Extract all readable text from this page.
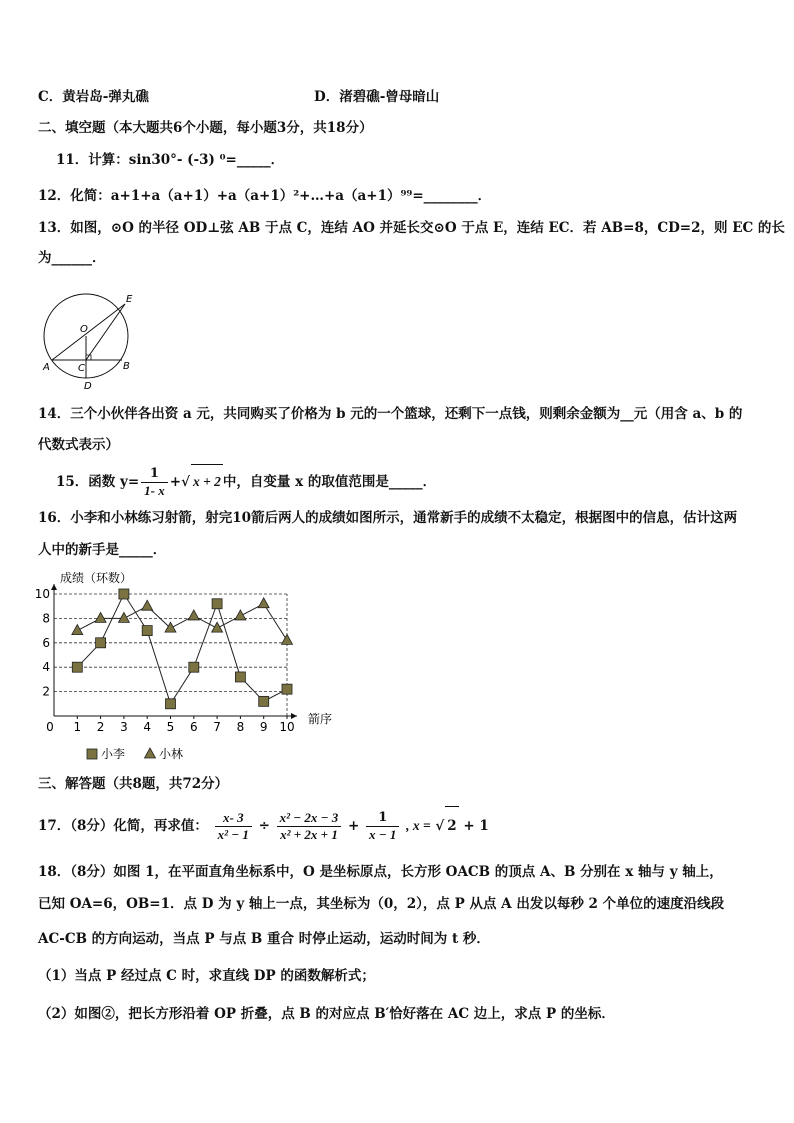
C．黄岩岛-弹丸礁	D．渚碧礁-曾母暗山
二、填空题（本大题共6个小题，每小题3分，共18分）
11．计算：sin30°- (-3) ⁰=_____．
12．化简：a+1+a（a+1）+a（a+1）²+…+a（a+1）⁹⁹=________．
13．如图，⊙O 的半径 OD⊥弦 AB 于点 C，连结 AO 并延长交⊙O 于点 E，连结 EC．若 AB=8，CD=2，则 EC 的长
为______．
E
O
A	C	B
D
14．三个小伙伴各出资 a 元，共同购买了价格为 b 元的一个篮球，还剩下一点钱，则剩余金额为__元（用含 a、b 的
代数式表示）
15．函数 $y= \frac{1}{1- x}$ +√ x + 2 中，自变量 x 的取值范围是_____．
16．小李和小林练习射箭，射完10箭后两人的成绩如图所示，通常新手的成绩不太稳定，根据图中的信息，估计这两
人中的新手是_____．
0 1 2 3 4 5 6 7 8 9 10
2
4
6
8
10
成绩（环数）
箭序
小李	小林
三、解答题（共8题，共72分）
17．（8分）化简，再求值： $\frac{x- 3}{\text{x² − 1}} \div \frac{\text{x² − 2x − 3}}{\text{x² + 2x + 1}} + \frac{1}{x - 1}$ , x = √ 2 + 1
18．（8分）如图 1，在平面直角坐标系中，O 是坐标原点，长方形 OACB 的顶点 A、B 分别在 x 轴与 y 轴上，
已知 OA=6，OB=1．点 D 为 y 轴上一点，其坐标为（0，2），点 P 从点 A 出发以每秒 2 个单位的速度沿线段
AC-CB 的方向运动，当点 P 与点 B 重合 时停止运动，运动时间为 t 秒．
（1）当点 P 经过点 C 时，求直线 DP 的函数解析式；
（2）如图②，把长方形沿着 OP 折叠，点 B 的对应点 B′恰好落在 AC 边上，求点 P 的坐标．
